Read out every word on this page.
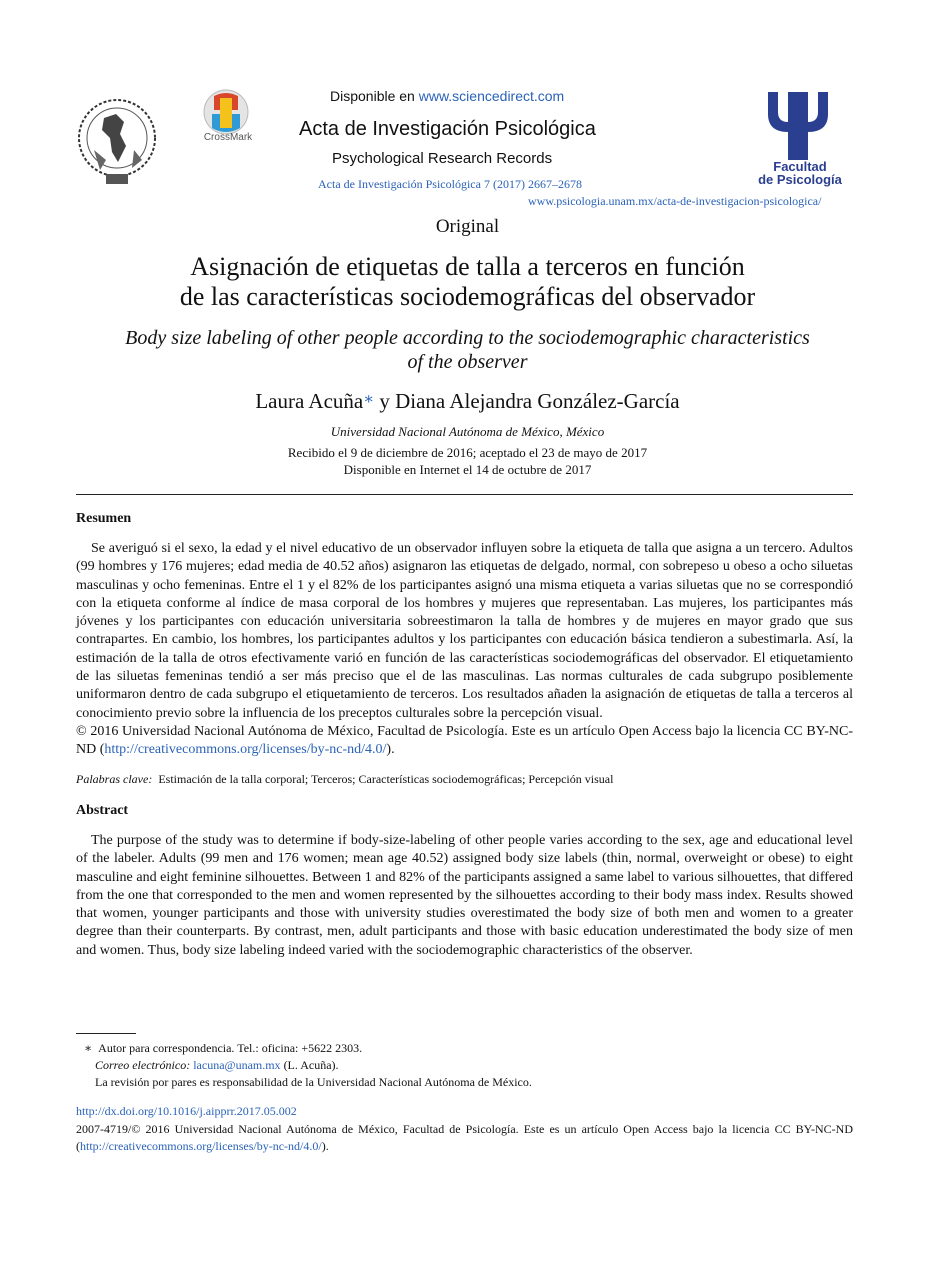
CrossMark
Disponible en www.sciencedirect.com
Acta de Investigación Psicológica
Psychological Research Records
Acta de Investigación Psicológica 7 (2017) 2667–2678
www.psicologia.unam.mx/acta-de-investigacion-psicologica/
Facultad
de Psicología
Original
Asignación de etiquetas de talla a terceros en función
de las características sociodemográficas del observador
Body size labeling of other people according to the sociodemographic characteristics
of the observer
Laura Acuña∗ y Diana Alejandra González-García
Universidad Nacional Autónoma de México, México
Recibido el 9 de diciembre de 2016; aceptado el 23 de mayo de 2017
Disponible en Internet el 14 de octubre de 2017
Resumen

Se averiguó si el sexo, la edad y el nivel educativo de un observador influyen sobre la etiqueta de talla que asigna a un tercero. Adultos (99 hombres y 176 mujeres; edad media de 40.52 años) asignaron las etiquetas de delgado, normal, con sobrepeso u obeso a ocho siluetas masculinas y ocho femeninas. Entre el 1 y el 82% de los participantes asignó una misma etiqueta a varias siluetas que no se correspondió con la etiqueta conforme al índice de masa corporal de los hombres y mujeres que representaban. Las mujeres, los participantes más jóvenes y los participantes con educación universitaria sobreestimaron la talla de hombres y de mujeres en mayor grado que sus contrapartes. En cambio, los hombres, los participantes adultos y los participantes con educación básica tendieron a subestimarla. Así, la estimación de la talla de otros efectivamente varió en función de las características sociodemográficas del observador. El etiquetamiento de las siluetas femeninas tendió a ser más preciso que el de las masculinas. Las normas culturales de cada subgrupo posiblemente uniformaron dentro de cada subgrupo el etiquetamiento de terceros. Los resultados añaden la asignación de etiquetas de talla a terceros al conocimiento previo sobre la influencia de los preceptos culturales sobre la percepción visual.

© 2016 Universidad Nacional Autónoma de México, Facultad de Psicología. Este es un artículo Open Access bajo la licencia CC BY-NC-ND (http://creativecommons.org/licenses/by-nc-nd/4.0/).

Palabras clave: Estimación de la talla corporal; Terceros; Características sociodemográficas; Percepción visual
Abstract

The purpose of the study was to determine if body-size-labeling of other people varies according to the sex, age and educational level of the labeler. Adults (99 men and 176 women; mean age 40.52) assigned body size labels (thin, normal, overweight or obese) to eight masculine and eight feminine silhouettes. Between 1 and 82% of the participants assigned a same label to various silhouettes, that differed from the one that corresponded to the men and women represented by the silhouettes according to their body mass index. Results showed that women, younger participants and those with university studies overestimated the body size of both men and women to a greater degree than their counterparts. By contrast, men, adult participants and those with basic education underestimated the body size of men and women. Thus, body size labeling indeed varied with the sociodemographic characteristics of the observer.

∗ Autor para correspondencia. Tel.: oficina: +5622 2303.
Correo electrónico: lacuna@unam.mx (L. Acuña).
La revisión por pares es responsabilidad de la Universidad Nacional Autónoma de México.
http://dx.doi.org/10.1016/j.aipprr.2017.05.002
2007-4719/© 2016 Universidad Nacional Autónoma de México, Facultad de Psicología. Este es un artículo Open Access bajo la licencia CC BY-NC-ND (http://creativecommons.org/licenses/by-nc-nd/4.0/).
